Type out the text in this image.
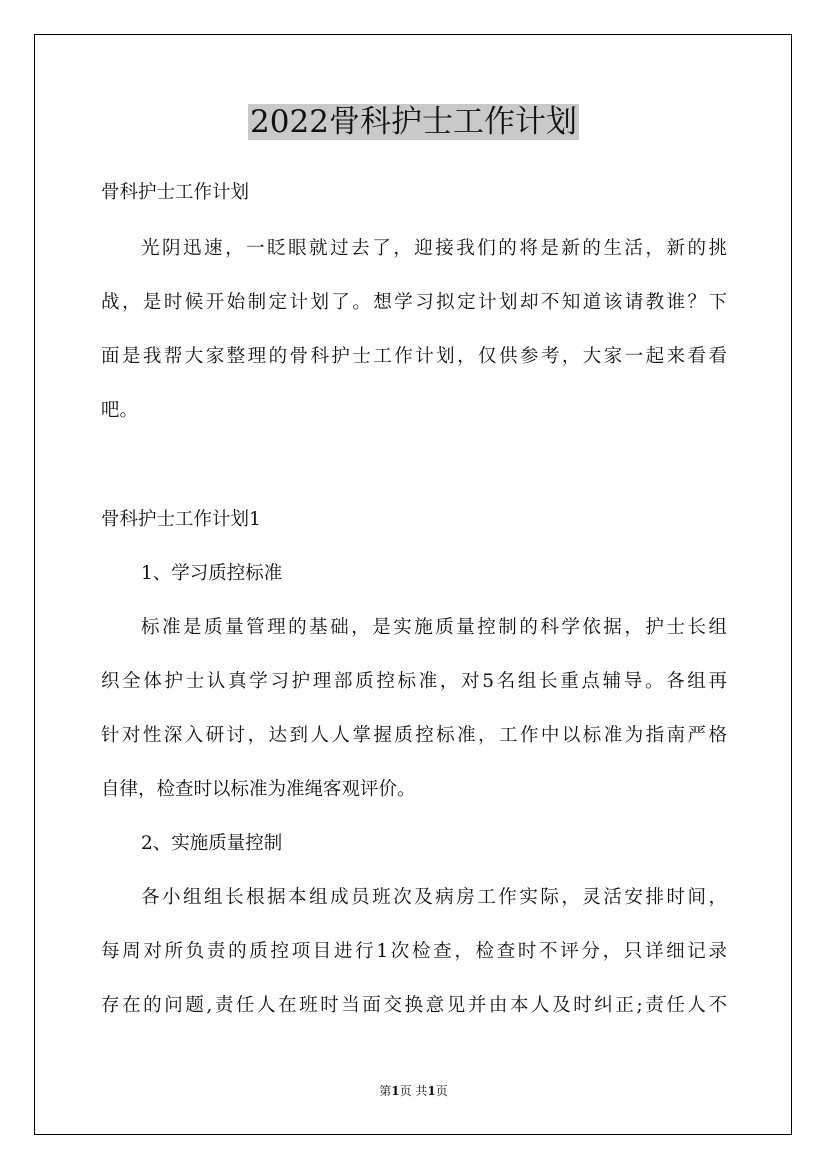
2022骨科护士工作计划

骨科护士工作计划

光阴迅速，一眨眼就过去了，迎接我们的将是新的生活，新的挑

战，是时候开始制定计划了。想学习拟定计划却不知道该请教谁？下

面是我帮大家整理的骨科护士工作计划，仅供参考，大家一起来看看

吧。

骨科护士工作计划1

1、学习质控标准

标准是质量管理的基础，是实施质量控制的科学依据，护士长组

织全体护士认真学习护理部质控标准，对5名组长重点辅导。各组再

针对性深入研讨，达到人人掌握质控标准，工作中以标准为指南严格

自律，检查时以标准为准绳客观评价。

2、实施质量控制

各小组组长根据本组成员班次及病房工作实际，灵活安排时间，

每周对所负责的质控项目进行1次检查，检查时不评分，只详细记录

存在的问题,责任人在班时当面交换意见并由本人及时纠正;责任人不

第1页 共1页
